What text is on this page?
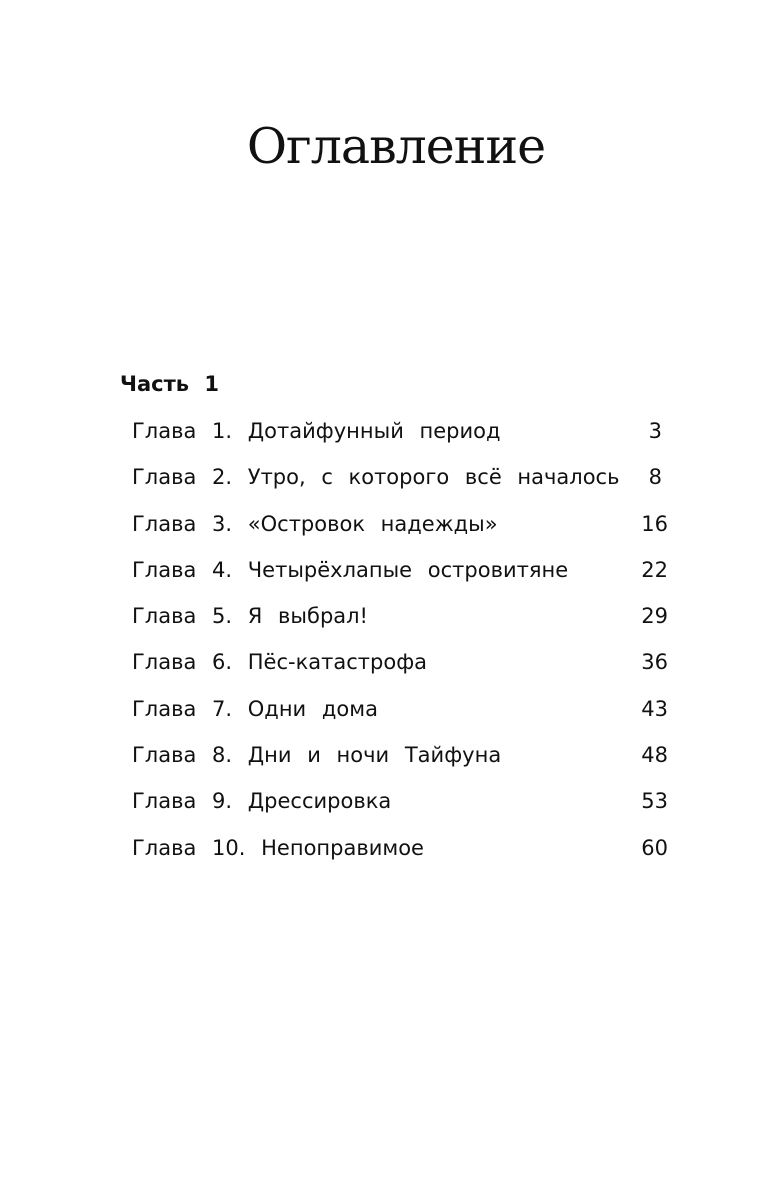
Оглавление
Часть 1
Глава 1. Дотайфунный период	3
Глава 2. Утро, с которого всё началось 8
Глава 3. «Островок надежды»	16
Глава 4. Четырёхлапые островитяне	22
Глава 5. Я выбрал!	29
Глава 6. Пёс-катастрофа	36
Глава 7. Одни дома	43
Глава 8. Дни и ночи Тайфуна	48
Глава 9. Дрессировка	53
Глава 10. Непоправимое	60
